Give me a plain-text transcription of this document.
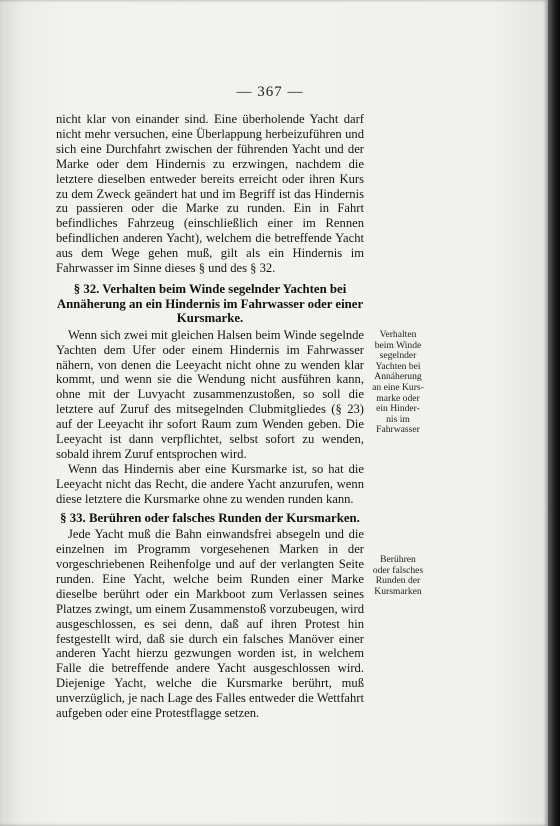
— 367 —

nicht klar von einander sind. Eine überholende Yacht darf nicht mehr versuchen, eine Überlappung herbeizuführen und sich eine Durchfahrt zwischen der führenden Yacht und der Marke oder dem Hindernis zu erzwingen, nachdem die letztere dieselben entweder bereits erreicht oder ihren Kurs zu dem Zweck geändert hat und im Begriff ist das Hindernis zu passieren oder die Marke zu runden. Ein in Fahrt befindliches Fahrzeug (einschließlich einer im Rennen befindlichen anderen Yacht), welchem die betreffende Yacht aus dem Wege gehen muß, gilt als ein Hindernis im Fahrwasser im Sinne dieses § und des § 32.

§ 32. Verhalten beim Winde segelnder Yachten bei Annäherung an ein Hindernis im Fahrwasser oder einer Kursmarke.

Wenn sich zwei mit gleichen Halsen beim Winde segelnde Yachten dem Ufer oder einem Hindernis im Fahrwasser nähern, von denen die Leeyacht nicht ohne zu wenden klar kommt, und wenn sie die Wendung nicht ausführen kann, ohne mit der Luvyacht zusammenzustoßen, so soll die letztere auf Zuruf des mitsegelnden Clubmitgliedes (§ 23) auf der Leeyacht ihr sofort Raum zum Wenden geben. Die Leeyacht ist dann verpflichtet, selbst sofort zu wenden, sobald ihrem Zuruf entsprochen wird.

Wenn das Hindernis aber eine Kursmarke ist, so hat die Leeyacht nicht das Recht, die andere Yacht anzurufen, wenn diese letztere die Kursmarke ohne zu wenden runden kann.

§ 33. Berühren oder falsches Runden der Kursmarken.

Jede Yacht muß die Bahn einwandsfrei absegeln und die einzelnen im Programm vorgesehenen Marken in der vorgeschriebenen Reihenfolge und auf der verlangten Seite runden. Eine Yacht, welche beim Runden einer Marke dieselbe berührt oder ein Markboot zum Verlassen seines Platzes zwingt, um einem Zusammenstoß vorzubeugen, wird ausgeschlossen, es sei denn, daß auf ihren Protest hin festgestellt wird, daß sie durch ein falsches Manöver einer anderen Yacht hierzu gezwungen worden ist, in welchem Falle die betreffende andere Yacht ausgeschlossen wird. Diejenige Yacht, welche die Kursmarke berührt, muß unverzüglich, je nach Lage des Falles entweder die Wettfahrt aufgeben oder eine Protestflagge setzen.

Verhalten
beim Winde
segelnder
Yachten bei
Annäherung
an eine Kurs-
marke oder
ein Hinder-
nis im
Fahrwasser
Berühren
oder falsches
Runden der
Kursmarken
